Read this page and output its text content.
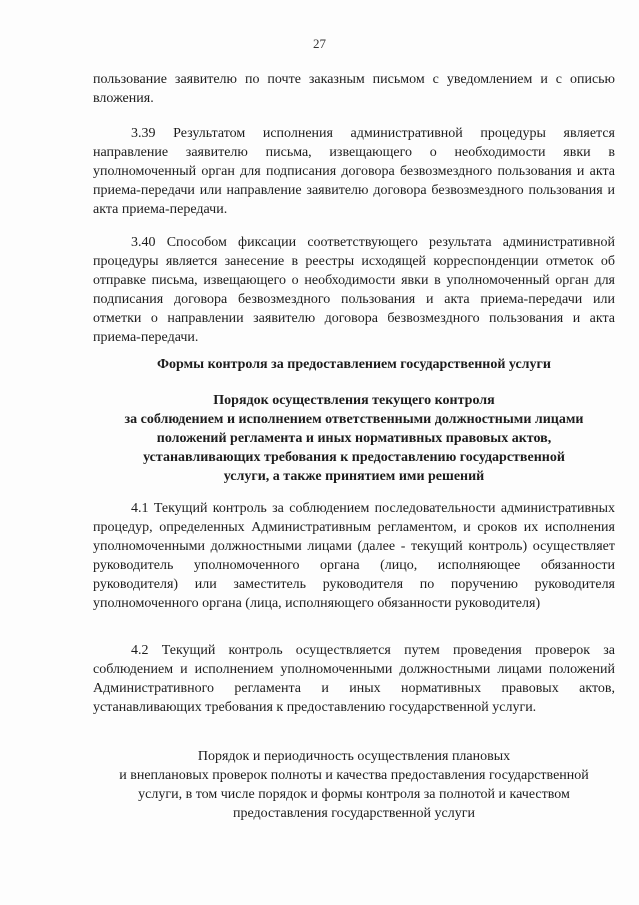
27

пользование заявителю по почте заказным письмом с уведомлением и с описью вложения.

3.39 Результатом исполнения административной процедуры является направление заявителю письма, извещающего о необходимости явки в уполномоченный орган для подписания договора безвозмездного пользования и акта приема-передачи или направление заявителю договора безвозмездного пользования и акта приема-передачи.

3.40 Способом фиксации соответствующего результата административной процедуры является занесение в реестры исходящей корреспонденции отметок об отправке письма, извещающего о необходимости явки в уполномоченный орган для подписания договора безвозмездного пользования и акта приема-передачи или отметки о направлении заявителю договора безвозмездного пользования и акта приема-передачи.

Формы контроля за предоставлением государственной услуги

Порядок осуществления текущего контроля
за соблюдением и исполнением ответственными должностными лицами
положений регламента и иных нормативных правовых актов,
устанавливающих требования к предоставлению государственной
услуги, а также принятием ими решений

4.1 Текущий контроль за соблюдением последовательности административных процедур, определенных Административным регламентом, и сроков их исполнения уполномоченными должностными лицами (далее - текущий контроль) осуществляет руководитель уполномоченного органа (лицо, исполняющее обязанности руководителя) или заместитель руководителя по поручению руководителя уполномоченного органа (лица, исполняющего обязанности руководителя)

4.2 Текущий контроль осуществляется путем проведения проверок за соблюдением и исполнением уполномоченными должностными лицами положений Административного регламента и иных нормативных правовых актов, устанавливающих требования к предоставлению государственной услуги.

Порядок и периодичность осуществления плановых
и внеплановых проверок полноты и качества предоставления государственной
услуги, в том числе порядок и формы контроля за полнотой и качеством
предоставления государственной услуги
